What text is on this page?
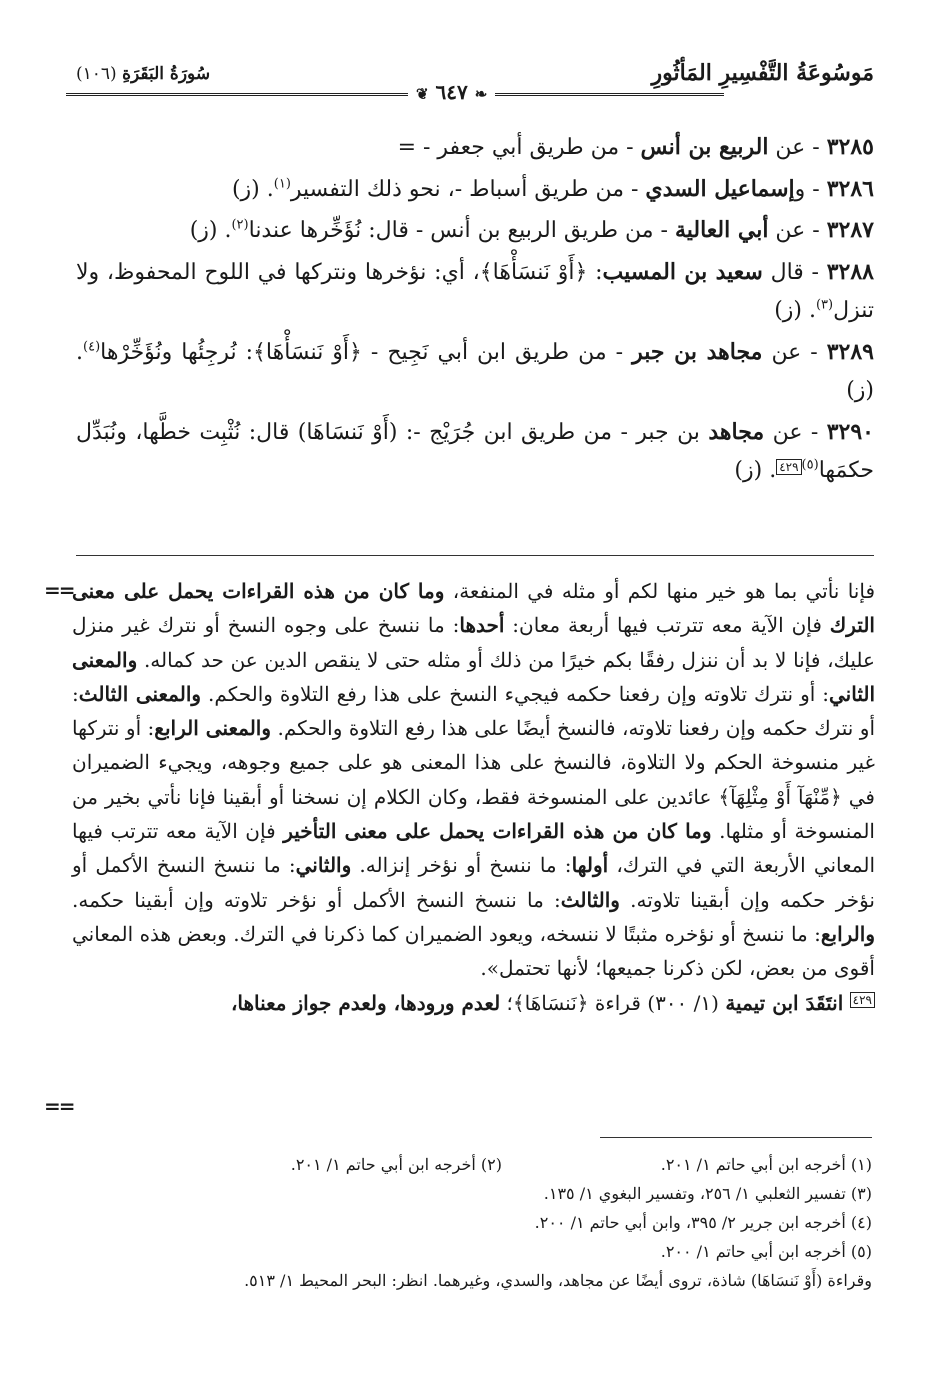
مَوسُوعَةُ التَّفْسِيرِ المَأثُورِ
سُورَةُ البَقَرَةِ (١٠٦)
❦ ٦٤٧ ❧
٣٢٨٥ - عن الربيع بن أنس - من طريق أبي جعفر - =
٣٢٨٦ - وإسماعيل السدي - من طريق أسباط -، نحو ذلك التفسير$^{(١)}$. (ز)
٣٢٨٧ - عن أبي العالية - من طريق الربيع بن أنس - قال: نُؤَخِّرها عندنا$^{(٢)}$. (ز)
٣٢٨٨ - قال سعيد بن المسيب: ﴿أَوْ نَنسَأْهَا﴾، أي: نؤخرها ونتركها في اللوح المحفوظ، ولا تنزل$^{(٣)}$. (ز)
٣٢٨٩ - عن مجاهد بن جبر - من طريق ابن أبي نَجِيح - ﴿أَوْ نَنسَأْهَا﴾: نُرجِئُها ونُؤَخِّرْها$^{(٤)}$. (ز)
٣٢٩٠ - عن مجاهد بن جبر - من طريق ابن جُرَيْج -: (أَوْ نَنسَاهَا) قال: نُثْبِت خطَّها، ونُبَدِّل حكمَها$^{(٥)}$٤٢٩. (ز)
==	فإنا نأتي بما هو خير منها لكم أو مثله في المنفعة، وما كان من هذه القراءات يحمل على معنى الترك فإن الآية معه تترتب فيها أربعة معان: أحدها: ما ننسخ على وجوه النسخ أو نترك غير منزل عليك، فإنا لا بد أن ننزل رفقًا بكم خيرًا من ذلك أو مثله حتى لا ينقص الدين عن حد كماله. والمعنى الثاني: أو نترك تلاوته وإن رفعنا حكمه فيجيء النسخ على هذا رفع التلاوة والحكم. والمعنى الثالث: أو نترك حكمه وإن رفعنا تلاوته، فالنسخ أيضًا على هذا رفع التلاوة والحكم. والمعنى الرابع: أو نتركها غير منسوخة الحكم ولا التلاوة، فالنسخ على هذا المعنى هو على جميع وجوهه، ويجيء الضميران في ﴿مِّنْهَآ أَوْ مِثْلِهَآ﴾ عائدين على المنسوخة فقط، وكان الكلام إن نسخنا أو أبقينا فإنا نأتي بخير من المنسوخة أو مثلها. وما كان من هذه القراءات يحمل على معنى التأخير فإن الآية معه تترتب فيها المعاني الأربعة التي في الترك، أولها: ما ننسخ أو نؤخر إنزاله. والثاني: ما ننسخ النسخ الأكمل أو نؤخر حكمه وإن أبقينا تلاوته. والثالث: ما ننسخ النسخ الأكمل أو نؤخر تلاوته وإن أبقينا حكمه. والرابع: ما ننسخ أو نؤخره مثبتًا لا ننسخه، ويعود الضميران كما ذكرنا في الترك. وبعض هذه المعاني أقوى من بعض، لكن ذكرنا جميعها؛ لأنها تحتمل».
٤٢٩ انتَقَدَ ابن تيمية (١/ ٣٠٠) قراءة ﴿نَنسَاهَا﴾؛ لعدم ورودها، ولعدم جواز معناها،
==
(١) أخرجه ابن أبي حاتم ١/ ٢٠١.
(٢) أخرجه ابن أبي حاتم ١/ ٢٠١.
(٣) تفسير الثعلبي ١/ ٢٥٦، وتفسير البغوي ١/ ١٣٥.
(٤) أخرجه ابن جرير ٢/ ٣٩٥، وابن أبي حاتم ١/ ٢٠٠.
(٥) أخرجه ابن أبي حاتم ١/ ٢٠٠.
وقراءة (أَوْ نَنسَاهَا) شاذة، تروى أيضًا عن مجاهد، والسدي، وغيرهما. انظر: البحر المحيط ١/ ٥١٣.
